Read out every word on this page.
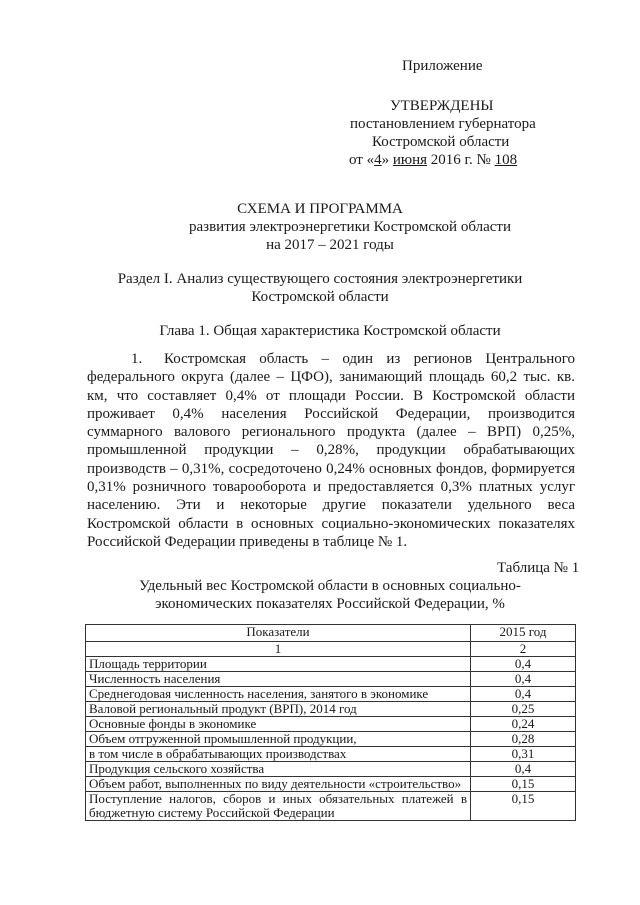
Приложение
УТВЕРЖДЕНЫ
постановлением губернатора
Костромской области
от «4» июня 2016 г. № 108
СХЕМА И ПРОГРАММА
развития электроэнергетики Костромской области
на 2017 – 2021 годы
Раздел I. Анализ существующего состояния электроэнергетики
Костромской области
Глава 1. Общая характеристика Костромской области
1. Костромская область – один из регионов Центрального федерального округа (далее – ЦФО), занимающий площадь 60,2 тыс. кв. км, что составляет 0,4% от площади России. В Костромской области проживает 0,4% населения Российской Федерации, производится суммарного валового регионального продукта (далее – ВРП) 0,25%, промышленной продукции – 0,28%, продукции обрабатывающих производств – 0,31%, сосредоточено 0,24% основных фондов, формируется 0,31% розничного товарооборота и предоставляется 0,3% платных услуг населению. Эти и некоторые другие показатели удельного веса Костромской области в основных социально-экономических показателях Российской Федерации приведены в таблице № 1.
Таблица № 1
Удельный вес Костромской области в основных социально-
экономических показателях Российской Федерации, %
Показатели	2015 год
1	2
Площадь территории	0,4
Численность населения	0,4
Среднегодовая численность населения, занятого в экономике	0,4
Валовой региональный продукт (ВРП), 2014 год	0,25
Основные фонды в экономике	0,24
Объем отгруженной промышленной продукции,	0,28
в том числе в обрабатывающих производствах	0,31
Продукция сельского хозяйства	0,4
Объем работ, выполненных по виду деятельности «строительство»	0,15
Поступление налогов, сборов и иных обязательных платежей в бюджетную систему Российской Федерации	0,15
